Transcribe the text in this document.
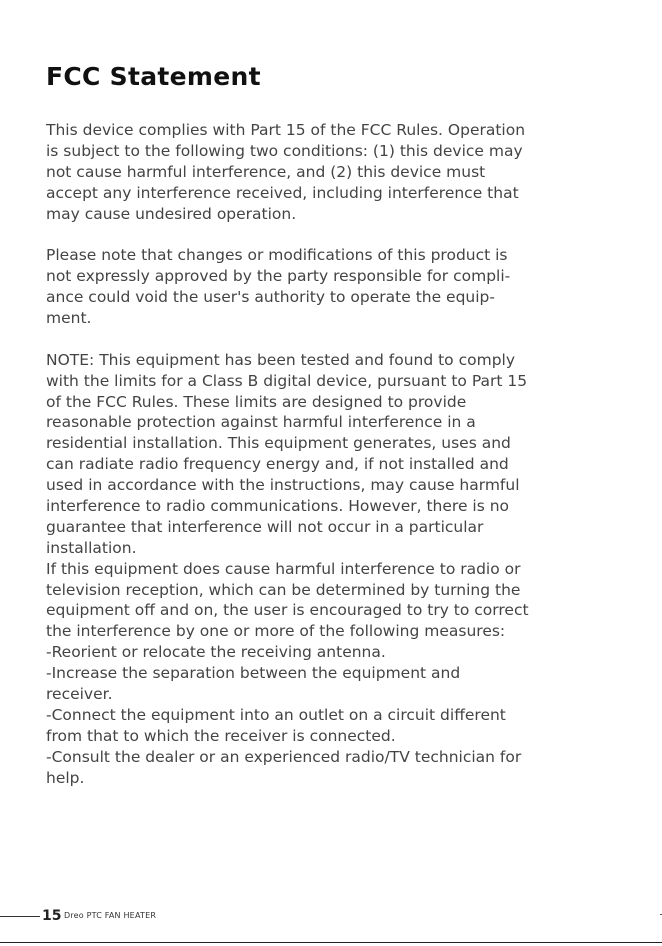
FCC Statement
This device complies with Part 15 of the FCC Rules. Operation
is subject to the following two conditions: (1) this device may
not cause harmful interference, and (2) this device must
accept any interference received, including interference that
may cause undesired operation.
Please note that changes or modifications of this product is
not expressly approved by the party responsible for compli-
ance could void the user's authority to operate the equip-
ment.
NOTE: This equipment has been tested and found to comply
with the limits for a Class B digital device, pursuant to Part 15
of the FCC Rules. These limits are designed to provide
reasonable protection against harmful interference in a
residential installation. This equipment generates, uses and
can radiate radio frequency energy and, if not installed and
used in accordance with the instructions, may cause harmful
interference to radio communications. However, there is no
guarantee that interference will not occur in a particular
installation.
If this equipment does cause harmful interference to radio or
television reception, which can be determined by turning the
equipment off and on, the user is encouraged to try to correct
the interference by one or more of the following measures:
-Reorient or relocate the receiving antenna.
-Increase the separation between the equipment and
receiver.
-Connect the equipment into an outlet on a circuit different
from that to which the receiver is connected.
-Consult the dealer or an experienced radio/TV technician for
help.
15 Dreo PTC FAN HEATER
